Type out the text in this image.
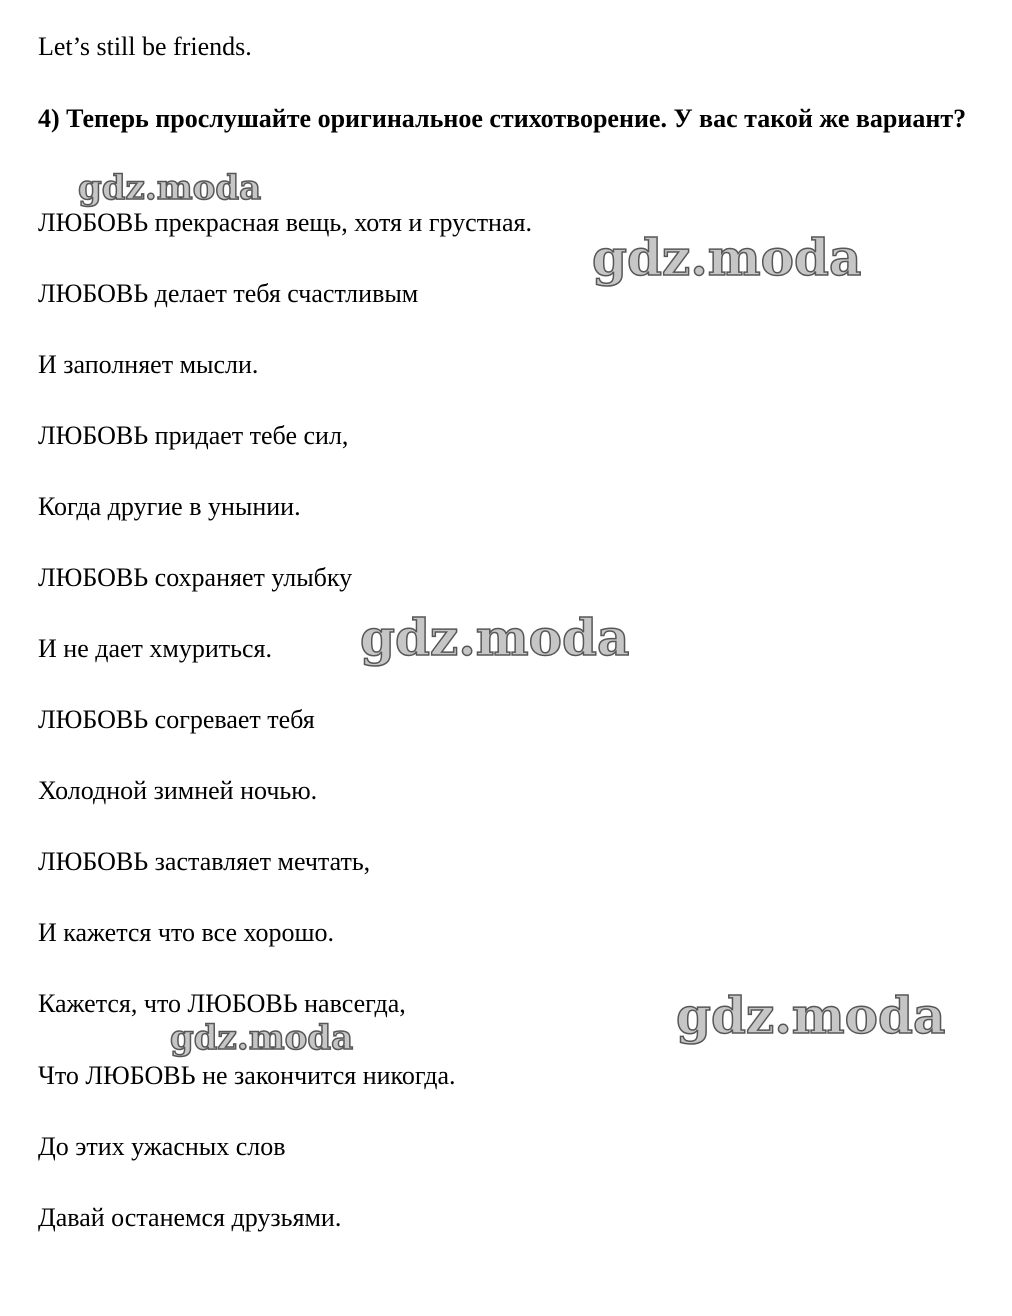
Let’s still be friends.

4) Теперь прослушайте оригинальное стихотворение. У вас такой же вариант?

ЛЮБОВЬ прекрасная вещь, хотя и грустная.

ЛЮБОВЬ делает тебя счастливым

И заполняет мысли.

ЛЮБОВЬ придает тебе сил,

Когда другие в унынии.

ЛЮБОВЬ сохраняет улыбку

И не дает хмуриться.

ЛЮБОВЬ согревает тебя

Холодной зимней ночью.

ЛЮБОВЬ заставляет мечтать,

И кажется что все хорошо.

Кажется, что ЛЮБОВЬ навсегда,

Что ЛЮБОВЬ не закончится никогда.

До этих ужасных слов

Давай останемся друзьями.

gdz.moda
gdz.moda
gdz.moda
gdz.moda
gdz.moda
